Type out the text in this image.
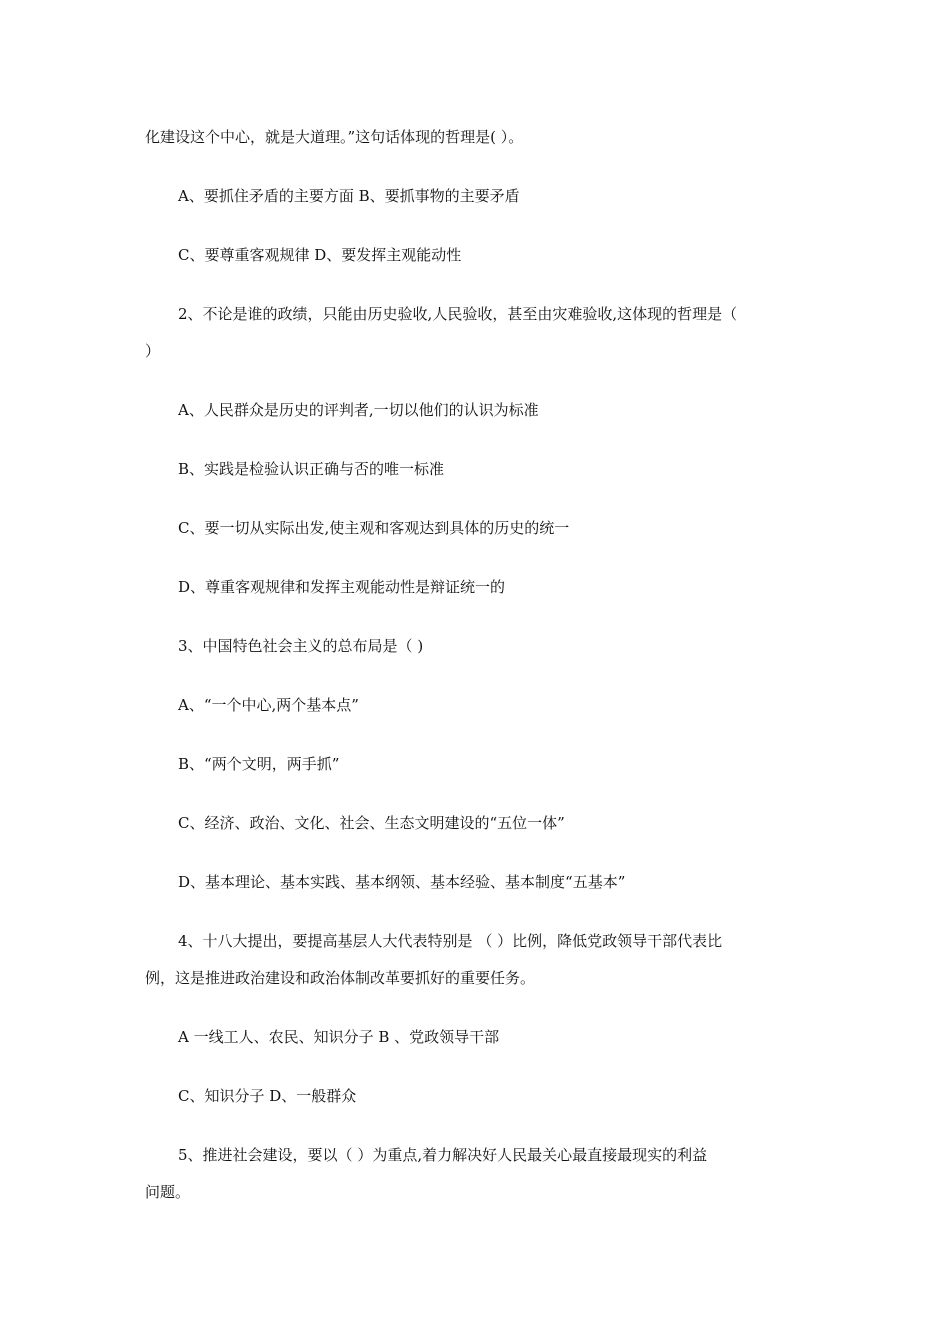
化建设这个中心，就是大道理。”这句话体现的哲理是( ）。
A、要抓住矛盾的主要方面 B、要抓事物的主要矛盾
C、要尊重客观规律 D、要发挥主观能动性
2、不论是谁的政绩，只能由历史验收,人民验收，甚至由灾难验收,这体现的哲理是（
）
A、人民群众是历史的评判者,一切以他们的认识为标准
B、实践是检验认识正确与否的唯一标准
C、要一切从实际出发,使主观和客观达到具体的历史的统一
D、尊重客观规律和发挥主观能动性是辩证统一的
3、中国特色社会主义的总布局是（ )
A、“一个中心,两个基本点”
B、“两个文明，两手抓”
C、经济、政治、文化、社会、生态文明建设的“五位一体”
D、基本理论、基本实践、基本纲领、基本经验、基本制度“五基本”
4、十八大提出，要提高基层人大代表特别是 （ ）比例，降低党政领导干部代表比
例，这是推进政治建设和政治体制改革要抓好的重要任务。
A 一线工人、农民、知识分子 B 、党政领导干部
C、知识分子 D、一般群众
5、推进社会建设，要以（ ）为重点,着力解决好人民最关心最直接最现实的利益
问题。
